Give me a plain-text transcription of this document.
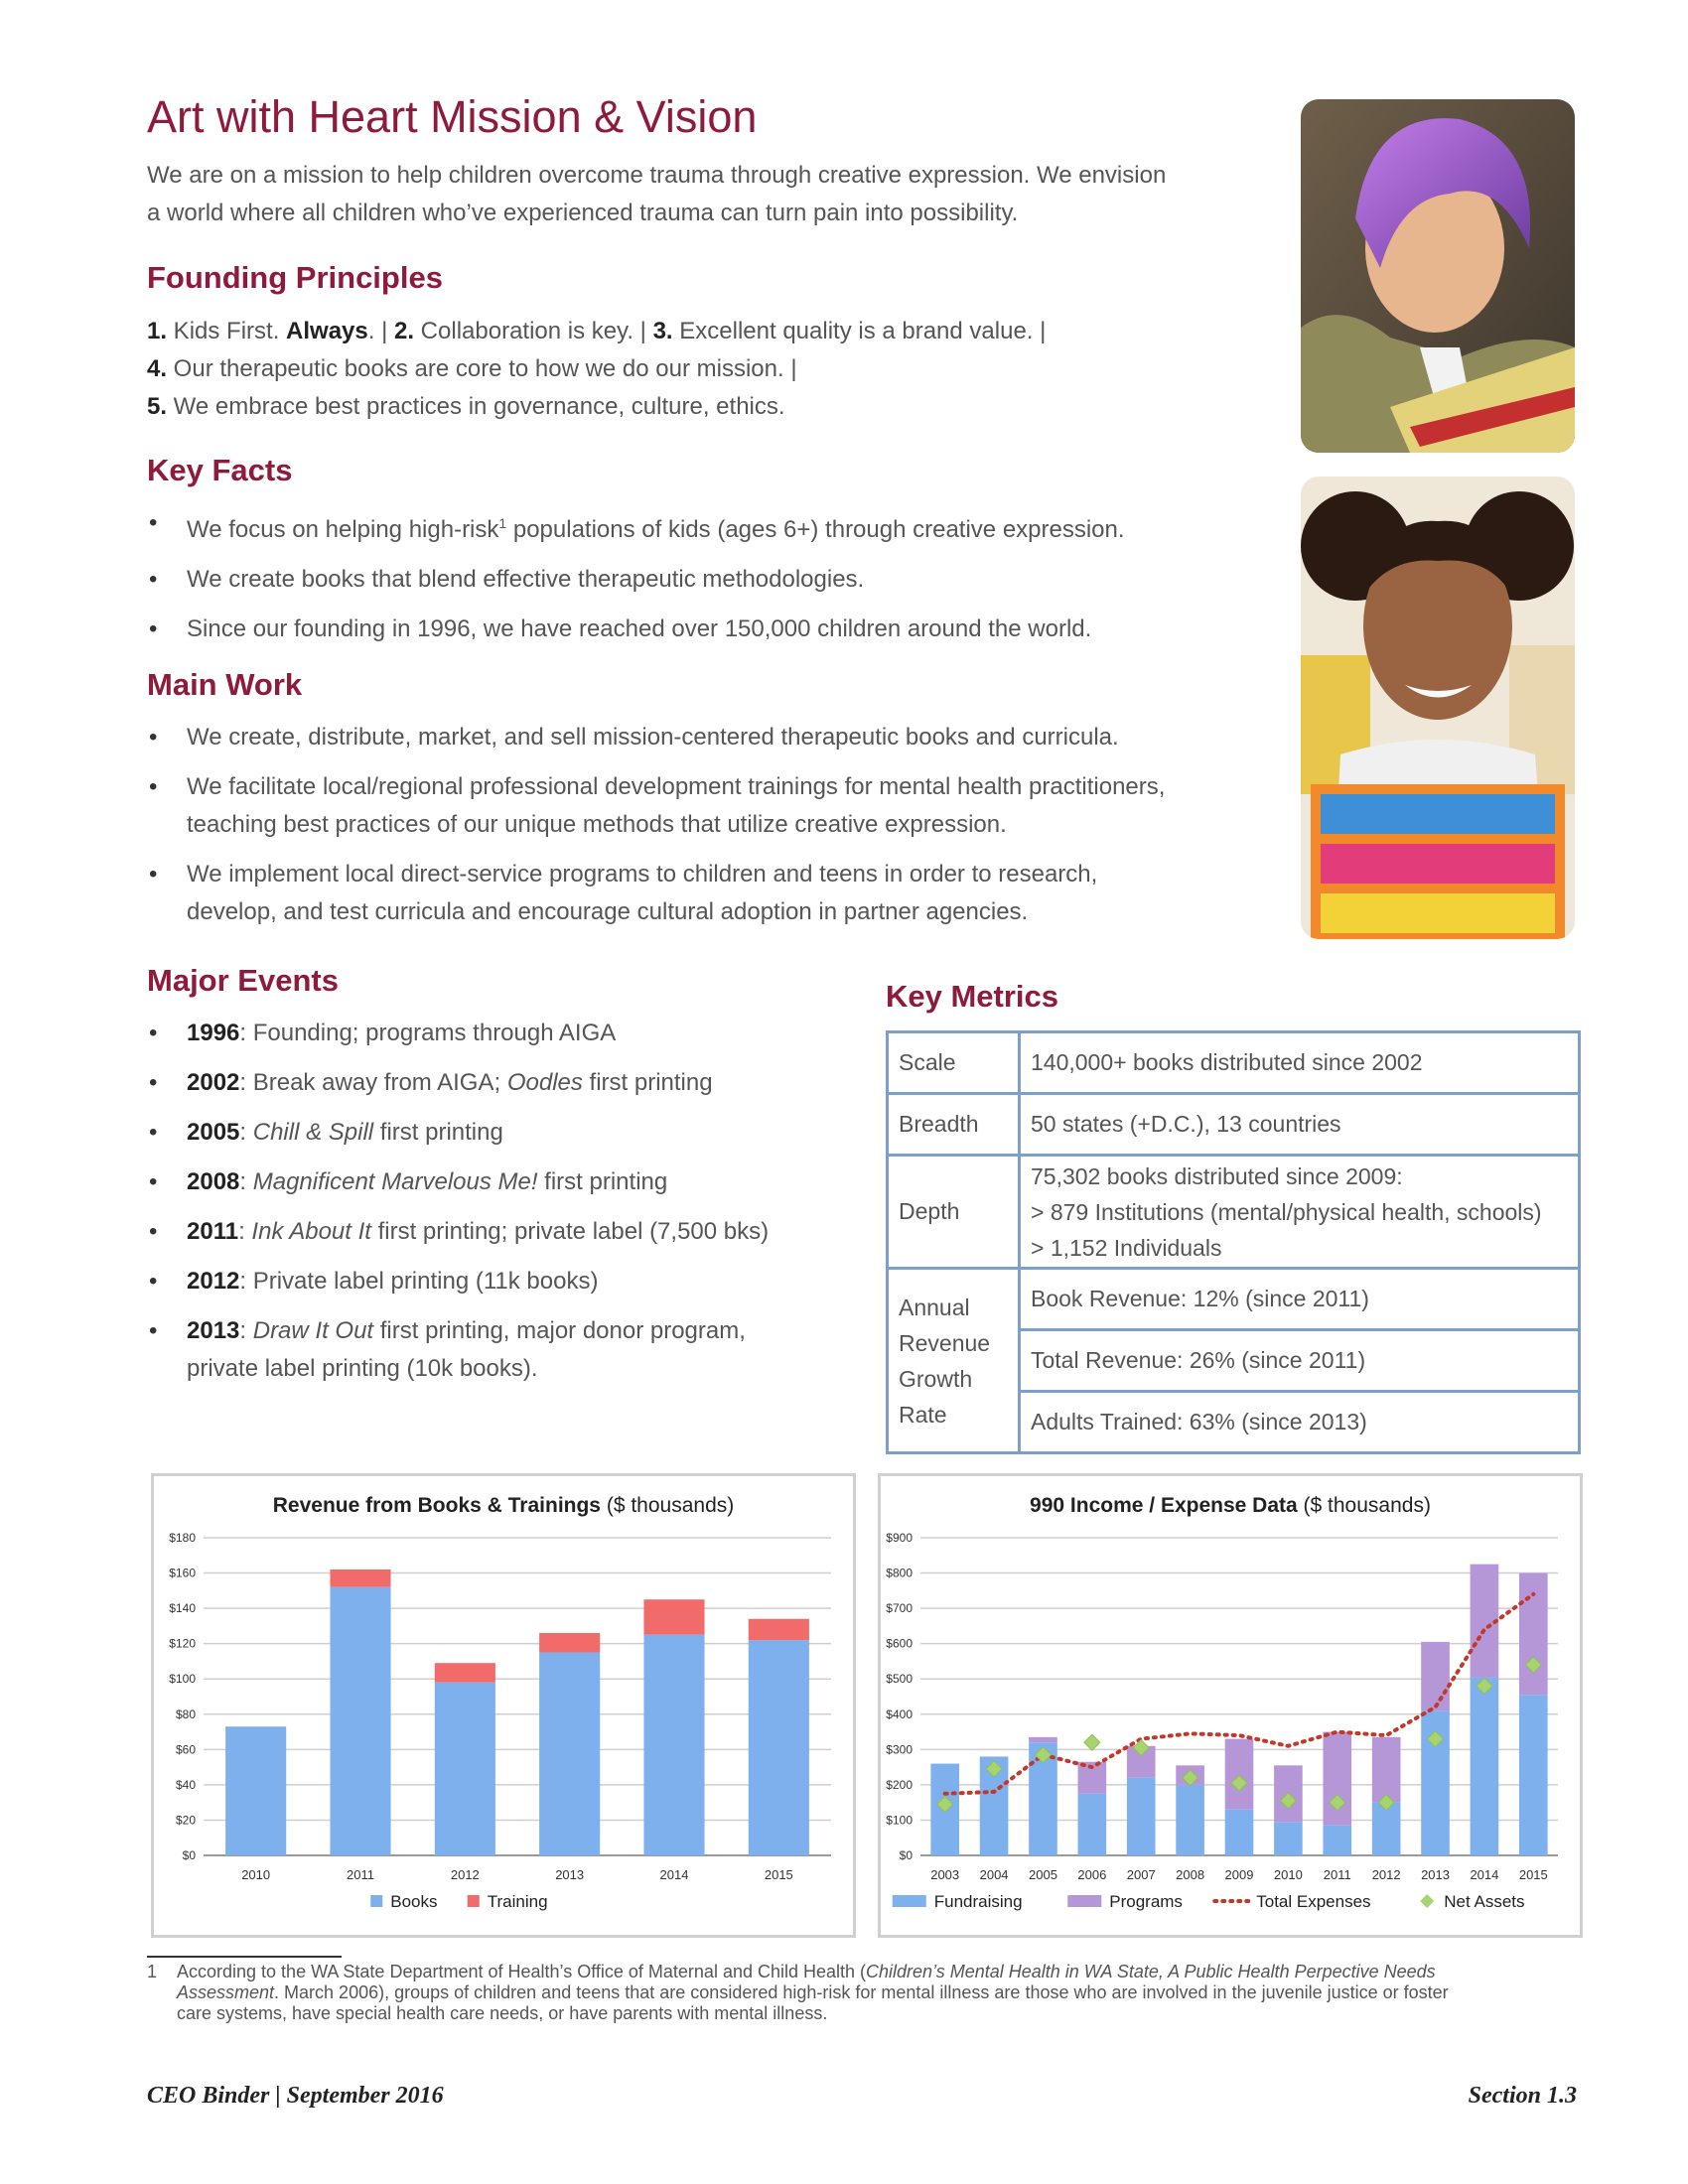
Art with Heart Mission & Vision
We are on a mission to help children overcome trauma through creative expression. We envision
a world where all children who’ve experienced trauma can turn pain into possibility.
Founding Principles
1. Kids First. Always. | 2. Collaboration is key. | 3. Excellent quality is a brand value. |
4. Our therapeutic books are core to how we do our mission. |
5. We embrace best practices in governance, culture, ethics.
Key Facts
• We focus on helping high-risk$^1$ populations of kids (ages 6+) through creative expression.
• We create books that blend effective therapeutic methodologies.
• Since our founding in 1996, we have reached over 150,000 children around the world.
Main Work
• We create, distribute, market, and sell mission-centered therapeutic books and curricula.
• We facilitate local/regional professional development trainings for mental health practitioners,
teaching best practices of our unique methods that utilize creative expression.
• We implement local direct-service programs to children and teens in order to research,
develop, and test curricula and encourage cultural adoption in partner agencies.
Major Events
• 1996: Founding; programs through AIGA
• 2002: Break away from AIGA; Oodles first printing
• 2005: Chill & Spill first printing
• 2008: Magnificent Marvelous Me! first printing
• 2011: Ink About It first printing; private label (7,500 bks)
• 2012: Private label printing (11k books)
• 2013: Draw It Out first printing, major donor program,
private label printing (10k books).
Key Metrics
Scale	140,000+ books distributed since 2002
Breadth	50 states (+D.C.), 13 countries
Depth	75,302 books distributed since 2009:
> 879 Institutions (mental/physical health, schools)
> 1,152 Individuals

Annual
Revenue
Growth
Rate	Book Revenue: 12% (since 2011)
	Total Revenue: 26% (since 2011)
	Adults Trained: 63% (since 2013)
Revenue from Books & Trainings ($ thousands)
$0
$20
$40
$60
$80
$100
$120
$140
$160
$180
2010	2011	2012	2013	2014	2015
Books	Training
990 Income / Expense Data ($ thousands)
$0
$100
$200
$300
$400
$500
$600
$700
$800
$900
2003 2004 2005 2006 2007 2008 2009 2010 2011 2012 2013 2014 2015
Fundraising	Programs	Total Expenses	Net Assets
1	According to the WA State Department of Health’s Office of Maternal and Child Health (Children’s Mental Health in WA State, A Public Health Perpective Needs
Assessment. March 2006), groups of children and teens that are considered high-risk for mental illness are those who are involved in the juvenile justice or foster
care systems, have special health care needs, or have parents with mental illness.
CEO Binder | September 2016	Section 1.3
